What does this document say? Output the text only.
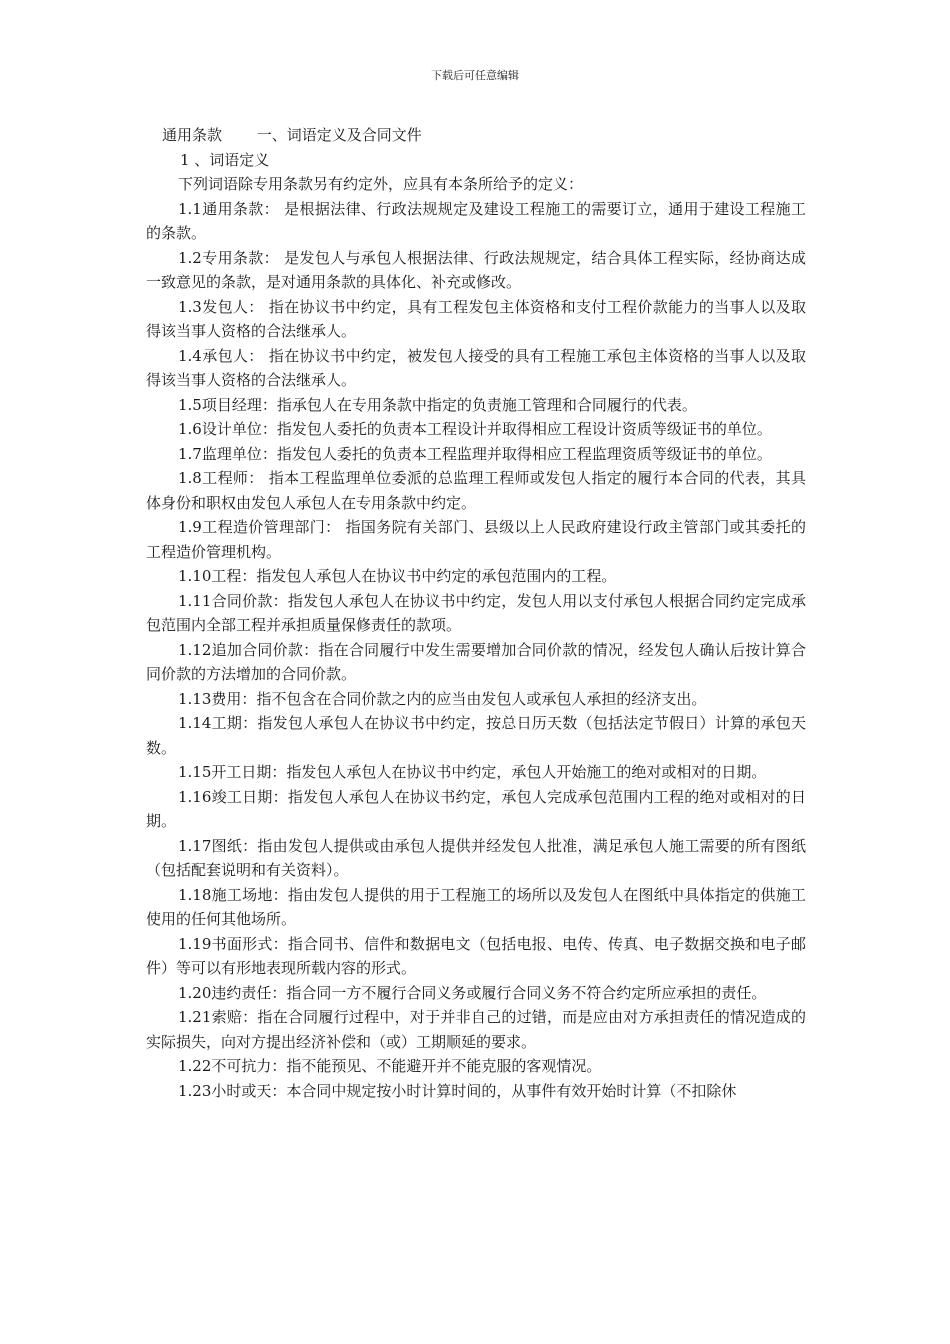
下载后可任意编辑
通用条款　　 一、词语定义及合同文件
1 、词语定义

下列词语除专用条款另有约定外，应具有本条所给予的定义：

1.1通用条款： 是根据法律、行政法规规定及建设工程施工的需要订立，通用于建设工程施工的条款。

1.2专用条款： 是发包人与承包人根据法律、行政法规规定，结合具体工程实际，经协商达成一致意见的条款，是对通用条款的具体化、补充或修改。

1.3发包人： 指在协议书中约定，具有工程发包主体资格和支付工程价款能力的当事人以及取得该当事人资格的合法继承人。

1.4承包人： 指在协议书中约定，被发包人接受的具有工程施工承包主体资格的当事人以及取得该当事人资格的合法继承人。

1.5项目经理：指承包人在专用条款中指定的负责施工管理和合同履行的代表。

1.6设计单位：指发包人委托的负责本工程设计并取得相应工程设计资质等级证书的单位。

1.7监理单位：指发包人委托的负责本工程监理并取得相应工程监理资质等级证书的单位。

1.8工程师： 指本工程监理单位委派的总监理工程师或发包人指定的履行本合同的代表，其具体身份和职权由发包人承包人在专用条款中约定。

1.9工程造价管理部门： 指国务院有关部门、县级以上人民政府建设行政主管部门或其委托的工程造价管理机构。

1.10工程：指发包人承包人在协议书中约定的承包范围内的工程。

1.11合同价款：指发包人承包人在协议书中约定，发包人用以支付承包人根据合同约定完成承包范围内全部工程并承担质量保修责任的款项。

1.12追加合同价款：指在合同履行中发生需要增加合同价款的情况，经发包人确认后按计算合同价款的方法增加的合同价款。

1.13费用：指不包含在合同价款之内的应当由发包人或承包人承担的经济支出。

1.14工期：指发包人承包人在协议书中约定，按总日历天数（包括法定节假日）计算的承包天数。

1.15开工日期：指发包人承包人在协议书中约定，承包人开始施工的绝对或相对的日期。

1.16竣工日期：指发包人承包人在协议书约定，承包人完成承包范围内工程的绝对或相对的日期。

1.17图纸：指由发包人提供或由承包人提供并经发包人批准，满足承包人施工需要的所有图纸（包括配套说明和有关资料）。

1.18施工场地：指由发包人提供的用于工程施工的场所以及发包人在图纸中具体指定的供施工使用的任何其他场所。

1.19书面形式：指合同书、信件和数据电文（包括电报、电传、传真、电子数据交换和电子邮件）等可以有形地表现所载内容的形式。

1.20违约责任：指合同一方不履行合同义务或履行合同义务不符合约定所应承担的责任。

1.21索赔：指在合同履行过程中，对于并非自己的过错，而是应由对方承担责任的情况造成的实际损失，向对方提出经济补偿和（或）工期顺延的要求。

1.22不可抗力：指不能预见、不能避开并不能克服的客观情况。

1.23小时或天：本合同中规定按小时计算时间的，从事件有效开始时计算（不扣除休
